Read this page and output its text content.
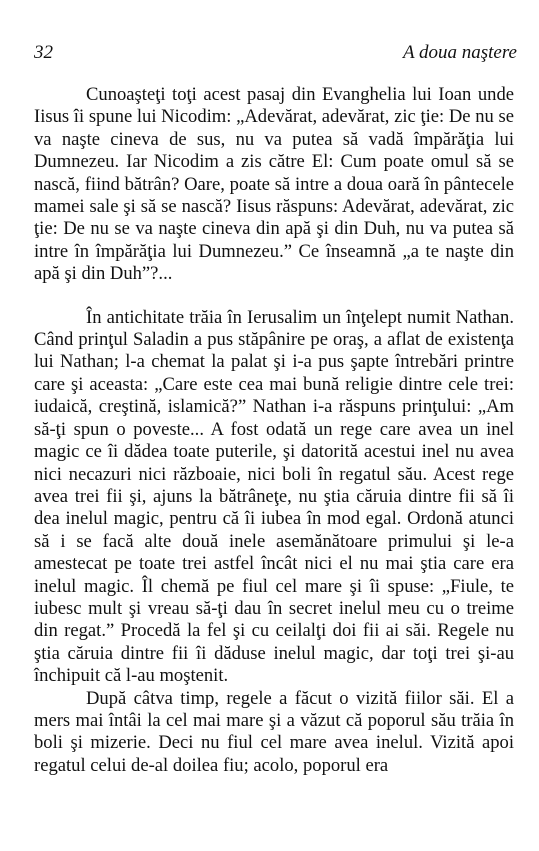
32	A doua naştere

Cunoaşteţi toţi acest pasaj din Evanghelia lui Ioan unde Iisus îi spune lui Nicodim: „Adevărat, adevărat, zic ţie: De nu se va naşte cineva de sus, nu va putea să vadă împărăţia lui Dumnezeu. Iar Nicodim a zis către El: Cum poate omul să se nască, fiind bătrân? Oare, poate să intre a doua oară în pântecele mamei sale şi să se nască? Iisus răspuns: Adevărat, adevărat, zic ţie: De nu se va naşte cineva din apă şi din Duh, nu va putea să intre în împărăţia lui Dumnezeu.” Ce înseamnă „a te naşte din apă şi din Duh”?...

În antichitate trăia în Ierusalim un înţelept numit Nathan. Când prinţul Saladin a pus stăpânire pe oraş, a aflat de existenţa lui Nathan; l-a chemat la palat şi i-a pus şapte întrebări printre care şi aceasta: „Care este cea mai bună religie dintre cele trei: iudaică, creştină, islamică?” Nathan i-a răspuns prinţului: „Am să-ţi spun o poveste... A fost odată un rege care avea un inel magic ce îi dădea toate puterile, şi datorită acestui inel nu avea nici necazuri nici războaie, nici boli în regatul său. Acest rege avea trei fii şi, ajuns la bătrâneţe, nu ştia căruia dintre fii să îi dea inelul magic, pentru că îi iubea în mod egal. Ordonă atunci să i se facă alte două inele asemănătoare primului şi le-a amestecat pe toate trei astfel încât nici el nu mai ştia care era inelul magic. Îl chemă pe fiul cel mare şi îi spuse: „Fiule, te iubesc mult şi vreau să-ţi dau în secret inelul meu cu o treime din regat.” Procedă la fel şi cu ceilalţi doi fii ai săi. Regele nu ştia căruia dintre fii îi dăduse inelul magic, dar toţi trei şi-au închipuit că l-au moştenit.

După câtva timp, regele a făcut o vizită fiilor săi. El a mers mai întâi la cel mai mare şi a văzut că poporul său trăia în boli şi mizerie. Deci nu fiul cel mare avea inelul. Vizită apoi regatul celui de-al doilea fiu; acolo, poporul era
